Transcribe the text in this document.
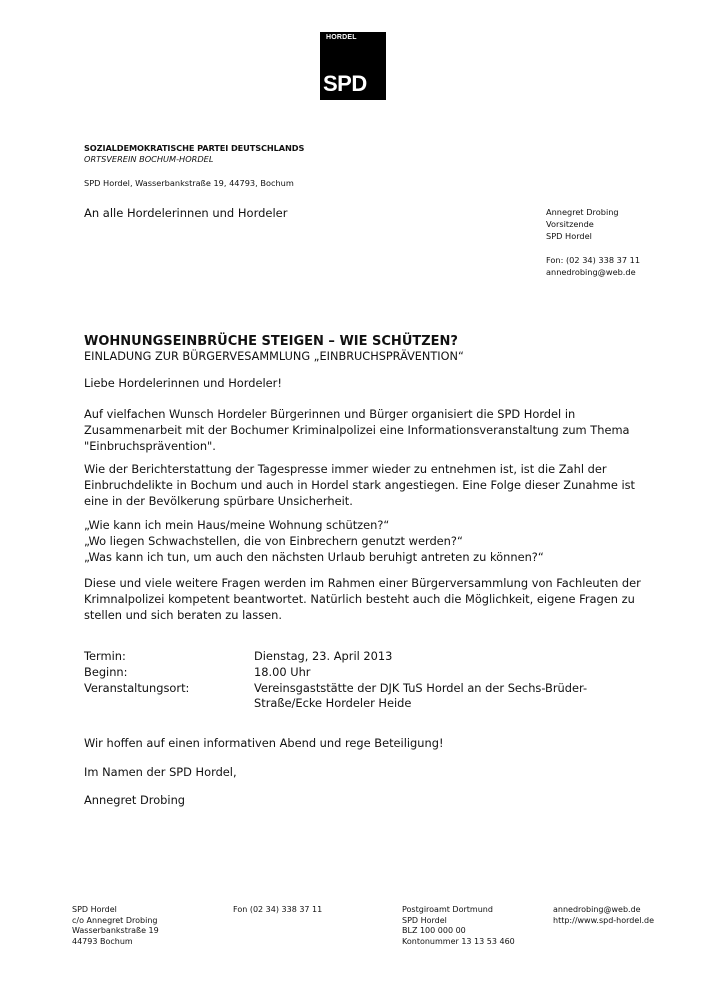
HORDEL
SPD
SOZIALDEMOKRATISCHE PARTEI DEUTSCHLANDS
ORTSVEREIN BOCHUM-HORDEL
SPD Hordel, Wasserbankstraße 19, 44793, Bochum
An alle Hordelerinnen und Hordeler	Annegret Drobing
Vorsitzende
SPD Hordel
Fon: (02 34) 338 37 11
annedrobing@web.de
WOHNUNGSEINBRÜCHE STEIGEN – WIE SCHÜTZEN?
EINLADUNG ZUR BÜRGERVESAMMLUNG „EINBRUCHSPRÄVENTION“
Liebe Hordelerinnen und Hordeler!
Auf vielfachen Wunsch Hordeler Bürgerinnen und Bürger organisiert die SPD Hordel in Zusammenarbeit mit der Bochumer Kriminalpolizei eine Informationsveranstaltung zum Thema "Einbruchsprävention".
Wie der Berichterstattung der Tagespresse immer wieder zu entnehmen ist, ist die Zahl der Einbruchdelikte in Bochum und auch in Hordel stark angestiegen. Eine Folge dieser Zunahme ist eine in der Bevölkerung spürbare Unsicherheit.

„Wie kann ich mein Haus/meine Wohnung schützen?“

„Wo liegen Schwachstellen, die von Einbrechern genutzt werden?“

„Was kann ich tun, um auch den nächsten Urlaub beruhigt antreten zu können?“

Diese und viele weitere Fragen werden im Rahmen einer Bürgerversammlung von Fachleuten der Krimnalpolizei kompetent beantwortet. Natürlich besteht auch die Möglichkeit, eigene Fragen zu stellen und sich beraten zu lassen.
Termin:	Dienstag, 23. April 2013
Beginn:	18.00 Uhr
Veranstaltungsort:	Vereinsgaststätte der DJK TuS Hordel an der Sechs-Brüder-Straße/Ecke Hordeler Heide
Wir hoffen auf einen informativen Abend und rege Beteiligung!
Im Namen der SPD Hordel,
Annegret Drobing
SPD Hordel
c/o Annegret Drobing
Wasserbankstraße 19
44793 Bochum
Fon (02 34) 338 37 11	Postgiroamt Dortmund
SPD Hordel
BLZ 100 000 00
Kontonummer 13 13 53 460
annedrobing@web.de
http://www.spd-hordel.de
